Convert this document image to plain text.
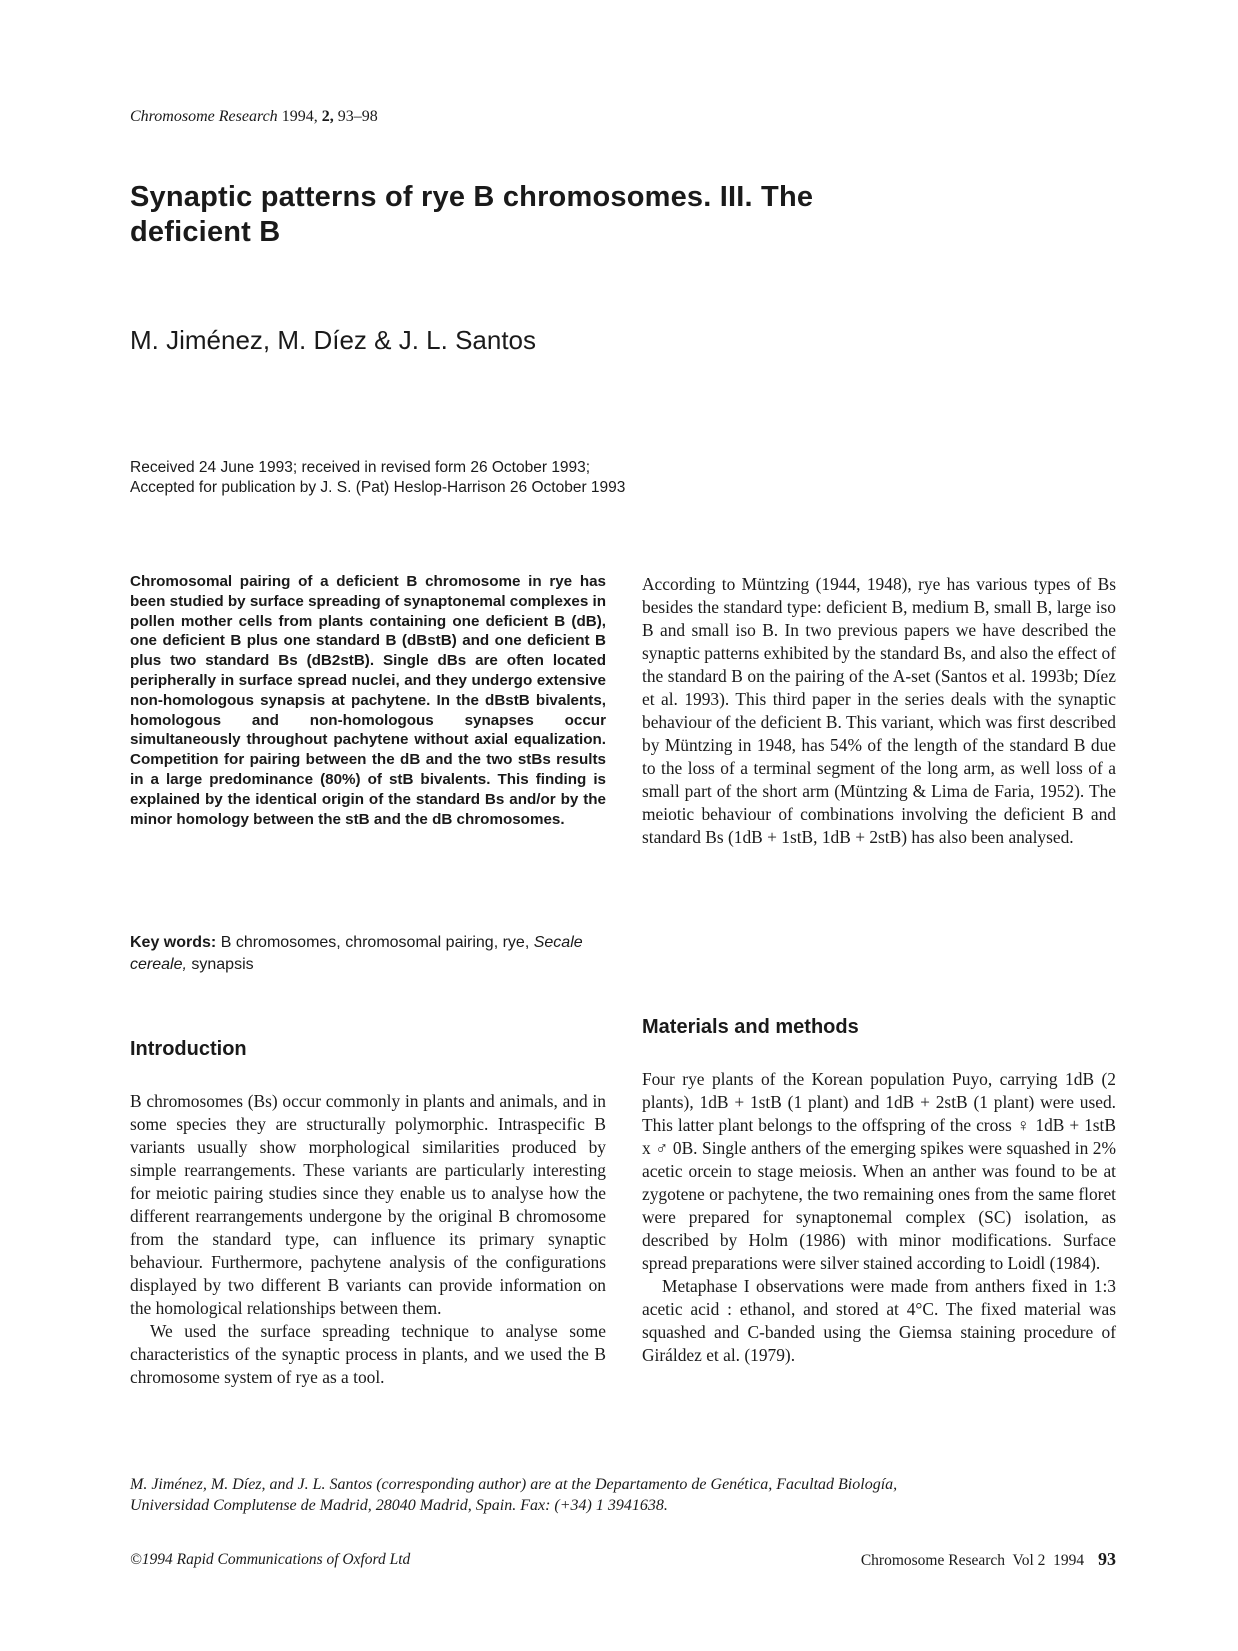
Chromosome Research 1994, 2, 93–98
Synaptic patterns of rye B chromosomes. III. The deficient B
M. Jiménez, M. Díez & J. L. Santos
Received 24 June 1993; received in revised form 26 October 1993;
Accepted for publication by J. S. (Pat) Heslop-Harrison 26 October 1993

Chromosomal pairing of a deficient B chromosome in rye has been studied by surface spreading of synaptonemal complexes in pollen mother cells from plants containing one deficient B (dB), one deficient B plus one standard B (dBstB) and one deficient B plus two standard Bs (dB2stB). Single dBs are often located peripherally in surface spread nuclei, and they undergo extensive non-homologous synapsis at pachytene. In the dBstB bivalents, homologous and non-homologous synapses occur simultaneously throughout pachytene without axial equalization. Competition for pairing between the dB and the two stBs results in a large predominance (80%) of stB bivalents. This finding is explained by the identical origin of the standard Bs and/or by the minor homology between the stB and the dB chromosomes.

Key words: B chromosomes, chromosomal pairing, rye, Secale cereale, synapsis

Introduction

B chromosomes (Bs) occur commonly in plants and animals, and in some species they are structurally polymorphic. Intraspecific B variants usually show morphological similarities produced by simple rearrangements. These variants are particularly interesting for meiotic pairing studies since they enable us to analyse how the different rearrangements undergone by the original B chromosome from the standard type, can influence its primary synaptic behaviour. Furthermore, pachytene analysis of the configurations displayed by two different B variants can provide information on the homological relationships between them.

We used the surface spreading technique to analyse some characteristics of the synaptic process in plants, and we used the B chromosome system of rye as a tool.

According to Müntzing (1944, 1948), rye has various types of Bs besides the standard type: deficient B, medium B, small B, large iso B and small iso B. In two previous papers we have described the synaptic patterns exhibited by the standard Bs, and also the effect of the standard B on the pairing of the A-set (Santos et al. 1993b; Díez et al. 1993). This third paper in the series deals with the synaptic behaviour of the deficient B. This variant, which was first described by Müntzing in 1948, has 54% of the length of the standard B due to the loss of a terminal segment of the long arm, as well loss of a small part of the short arm (Müntzing & Lima de Faria, 1952). The meiotic behaviour of combinations involving the deficient B and standard Bs (1dB + 1stB, 1dB + 2stB) has also been analysed.

Materials and methods

Four rye plants of the Korean population Puyo, carrying 1dB (2 plants), 1dB + 1stB (1 plant) and 1dB + 2stB (1 plant) were used. This latter plant belongs to the offspring of the cross ♀ 1dB + 1stB x ♂ 0B. Single anthers of the emerging spikes were squashed in 2% acetic orcein to stage meiosis. When an anther was found to be at zygotene or pachytene, the two remaining ones from the same floret were prepared for synaptonemal complex (SC) isolation, as described by Holm (1986) with minor modifications. Surface spread preparations were silver stained according to Loidl (1984).

Metaphase I observations were made from anthers fixed in 1:3 acetic acid : ethanol, and stored at 4°C. The fixed material was squashed and C-banded using the Giemsa staining procedure of Giráldez et al. (1979).

M. Jiménez, M. Díez, and J. L. Santos (corresponding author) are at the Departamento de Genética, Facultad Biología,
Universidad Complutense de Madrid, 28040 Madrid, Spain. Fax: (+34) 1 3941638.
©1994 Rapid Communications of Oxford Ltd	Chromosome Research  Vol 2  1994 93
